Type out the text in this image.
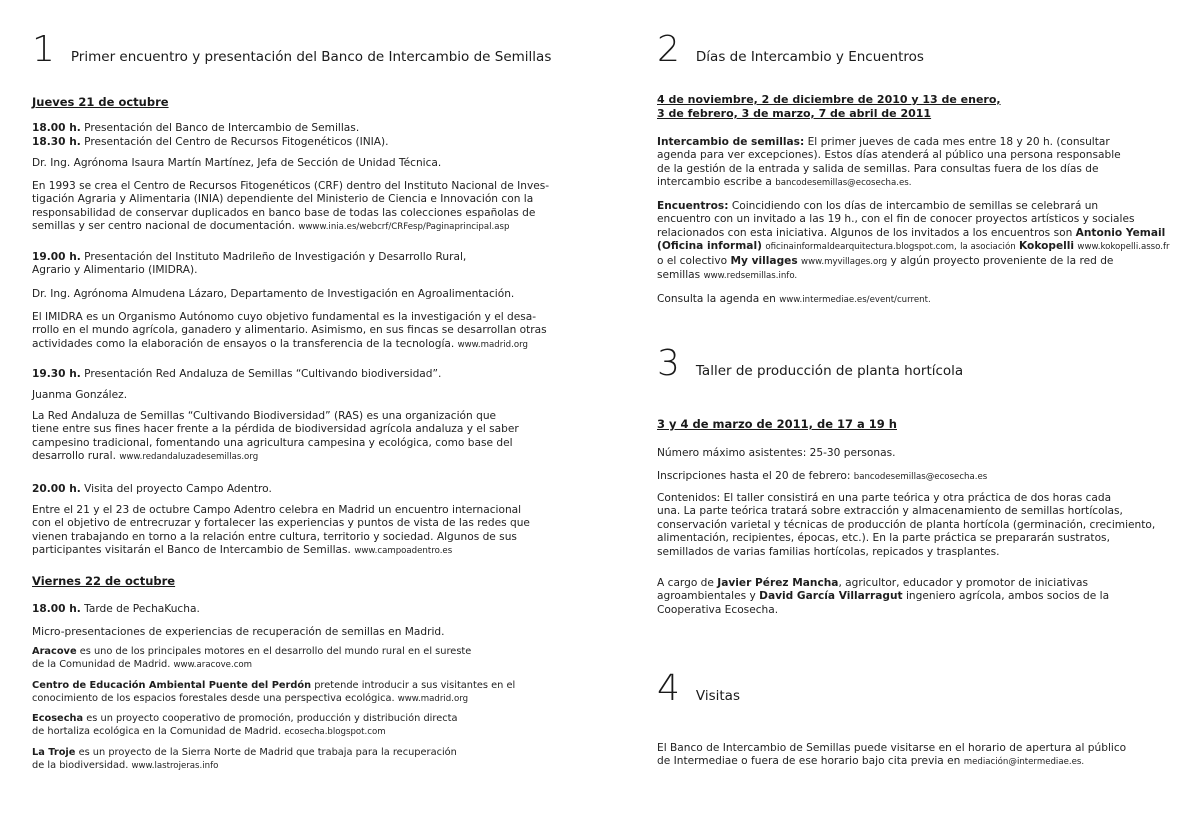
1 Primer encuentro y presentación del Banco de Intercambio de Semillas
Jueves 21 de octubre
18.00 h. Presentación del Banco de Intercambio de Semillas.
18.30 h. Presentación del Centro de Recursos Fitogenéticos (INIA).
Dr. Ing. Agrónoma Isaura Martín Martínez, Jefa de Sección de Unidad Técnica.
En 1993 se crea el Centro de Recursos Fitogenéticos (CRF) dentro del Instituto Nacional de Inves-
tigación Agraria y Alimentaria (INIA) dependiente del Ministerio de Ciencia e Innovación con la
responsabilidad de conservar duplicados en banco base de todas las colecciones españolas de
semillas y ser centro nacional de documentación. wwww.inia.es/webcrf/CRFesp/Paginaprincipal.asp
19.00 h. Presentación del Instituto Madrileño de Investigación y Desarrollo Rural,
Agrario y Alimentario (IMIDRA).
Dr. Ing. Agrónoma Almudena Lázaro, Departamento de Investigación en Agroalimentación.
El IMIDRA es un Organismo Autónomo cuyo objetivo fundamental es la investigación y el desa-
rrollo en el mundo agrícola, ganadero y alimentario. Asimismo, en sus fincas se desarrollan otras
actividades como la elaboración de ensayos o la transferencia de la tecnología. www.madrid.org
19.30 h. Presentación Red Andaluza de Semillas “Cultivando biodiversidad”.
Juanma González.
La Red Andaluza de Semillas “Cultivando Biodiversidad” (RAS) es una organización que
tiene entre sus fines hacer frente a la pérdida de biodiversidad agrícola andaluza y el saber
campesino tradicional, fomentando una agricultura campesina y ecológica, como base del
desarrollo rural. www.redandaluzadesemillas.org
20.00 h. Visita del proyecto Campo Adentro.
Entre el 21 y el 23 de octubre Campo Adentro celebra en Madrid un encuentro internacional
con el objetivo de entrecruzar y fortalecer las experiencias y puntos de vista de las redes que
vienen trabajando en torno a la relación entre cultura, territorio y sociedad. Algunos de sus
participantes visitarán el Banco de Intercambio de Semillas. www.campoadentro.es
Viernes 22 de octubre
18.00 h. Tarde de PechaKucha.
Micro-presentaciones de experiencias de recuperación de semillas en Madrid.
Aracove es uno de los principales motores en el desarrollo del mundo rural en el sureste
de la Comunidad de Madrid. www.aracove.com
Centro de Educación Ambiental Puente del Perdón pretende introducir a sus visitantes en el
conocimiento de los espacios forestales desde una perspectiva ecológica. www.madrid.org
Ecosecha es un proyecto cooperativo de promoción, producción y distribución directa
de hortaliza ecológica en la Comunidad de Madrid. ecosecha.blogspot.com
La Troje es un proyecto de la Sierra Norte de Madrid que trabaja para la recuperación
de la biodiversidad. www.lastrojeras.info
2 Días de Intercambio y Encuentros
4 de noviembre, 2 de diciembre de 2010 y 13 de enero,
3 de febrero, 3 de marzo, 7 de abril de 2011
Intercambio de semillas: El primer jueves de cada mes entre 18 y 20 h. (consultar
agenda para ver excepciones). Estos días atenderá al público una persona responsable
de la gestión de la entrada y salida de semillas. Para consultas fuera de los días de
intercambio escribe a bancodesemillas@ecosecha.es.
Encuentros: Coincidiendo con los días de intercambio de semillas se celebrará un
encuentro con un invitado a las 19 h., con el fin de conocer proyectos artísticos y sociales
relacionados con esta iniciativa. Algunos de los invitados a los encuentros son Antonio Yemail
(Oficina informal) oficinainformaldearquitectura.blogspot.com, la asociación Kokopelli www.kokopelli.asso.fr
o el colectivo My villages www.myvillages.org y algún proyecto proveniente de la red de
semillas www.redsemillas.info.
Consulta la agenda en www.intermediae.es/event/current.
3 Taller de producción de planta hortícola
3 y 4 de marzo de 2011, de 17 a 19 h
Número máximo asistentes: 25-30 personas.
Inscripciones hasta el 20 de febrero: bancodesemillas@ecosecha.es
Contenidos: El taller consistirá en una parte teórica y otra práctica de dos horas cada
una. La parte teórica tratará sobre extracción y almacenamiento de semillas hortícolas,
conservación varietal y técnicas de producción de planta hortícola (germinación, crecimiento,
alimentación, recipientes, épocas, etc.). En la parte práctica se prepararán sustratos,
semillados de varias familias hortícolas, repicados y trasplantes.
A cargo de Javier Pérez Mancha, agricultor, educador y promotor de iniciativas
agroambientales y David García Villarragut ingeniero agrícola, ambos socios de la
Cooperativa Ecosecha.
4 Visitas
El Banco de Intercambio de Semillas puede visitarse en el horario de apertura al público
de Intermediae o fuera de ese horario bajo cita previa en mediación@intermediae.es.
